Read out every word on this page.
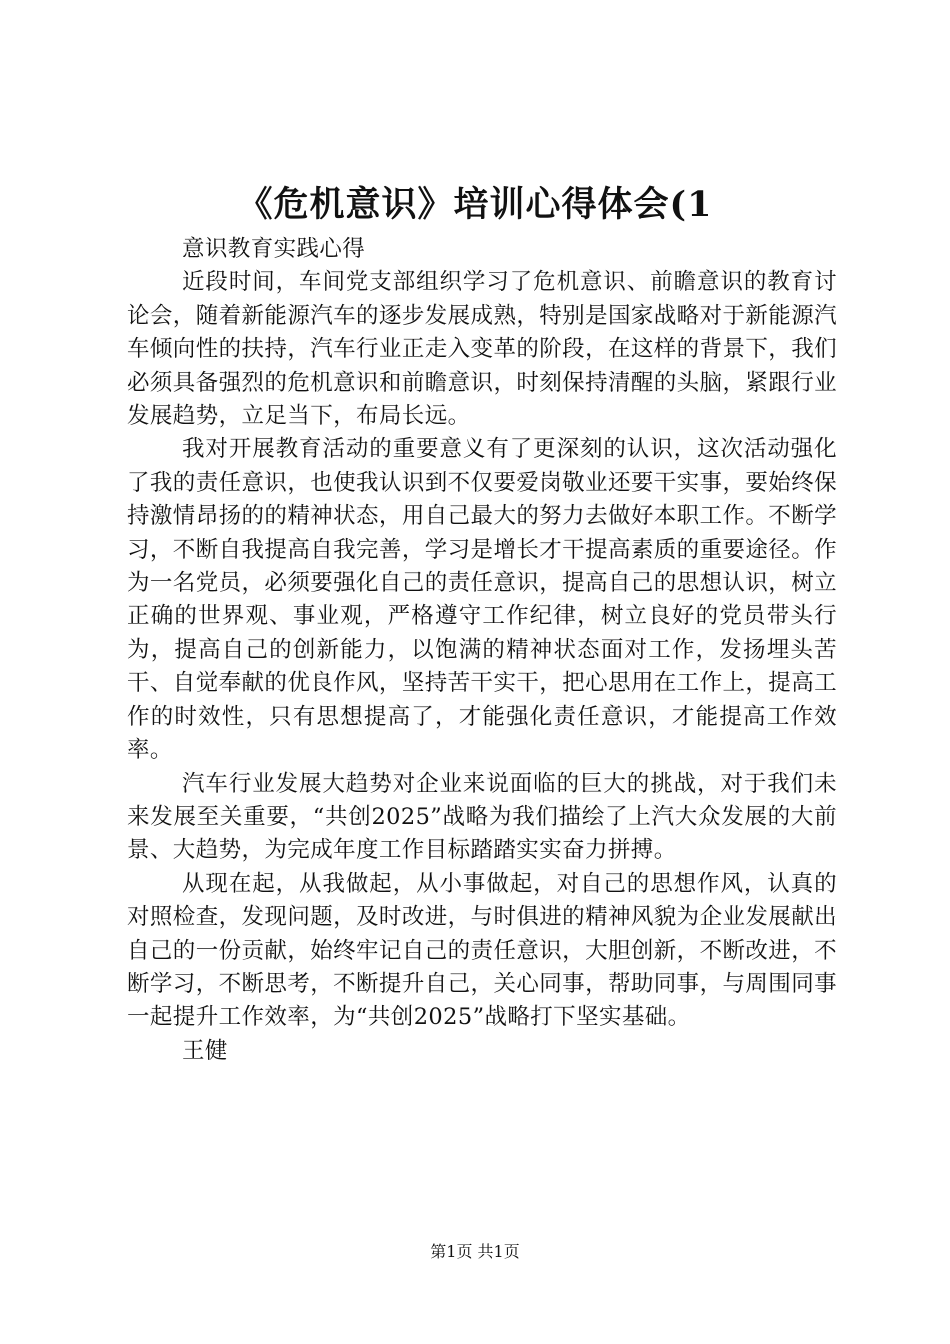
《危机意识》培训心得体会(1

意识教育实践心得

近段时间，车间党支部组织学习了危机意识、前瞻意识的教育讨论会，随着新能源汽车的逐步发展成熟，特别是国家战略对于新能源汽车倾向性的扶持，汽车行业正走入变革的阶段，在这样的背景下，我们必须具备强烈的危机意识和前瞻意识，时刻保持清醒的头脑，紧跟行业发展趋势，立足当下，布局长远。

我对开展教育活动的重要意义有了更深刻的认识，这次活动强化了我的责任意识，也使我认识到不仅要爱岗敬业还要干实事，要始终保持激情昂扬的的精神状态，用自己最大的努力去做好本职工作。不断学习，不断自我提高自我完善，学习是增长才干提高素质的重要途径。作为一名党员，必须要强化自己的责任意识，提高自己的思想认识，树立正确的世界观、事业观，严格遵守工作纪律，树立良好的党员带头行为，提高自己的创新能力，以饱满的精神状态面对工作，发扬埋头苦干、自觉奉献的优良作风，坚持苦干实干，把心思用在工作上，提高工作的时效性，只有思想提高了，才能强化责任意识，才能提高工作效率。

汽车行业发展大趋势对企业来说面临的巨大的挑战，对于我们未来发展至关重要，“共创2025”战略为我们描绘了上汽大众发展的大前景、大趋势，为完成年度工作目标踏踏实实奋力拼搏。

从现在起，从我做起，从小事做起，对自己的思想作风，认真的对照检查，发现问题，及时改进，与时俱进的精神风貌为企业发展献出自己的一份贡献，始终牢记自己的责任意识，大胆创新，不断改进，不断学习，不断思考，不断提升自己，关心同事，帮助同事，与周围同事一起提升工作效率，为“共创2025”战略打下坚实基础。

王健

第1页 共1页
